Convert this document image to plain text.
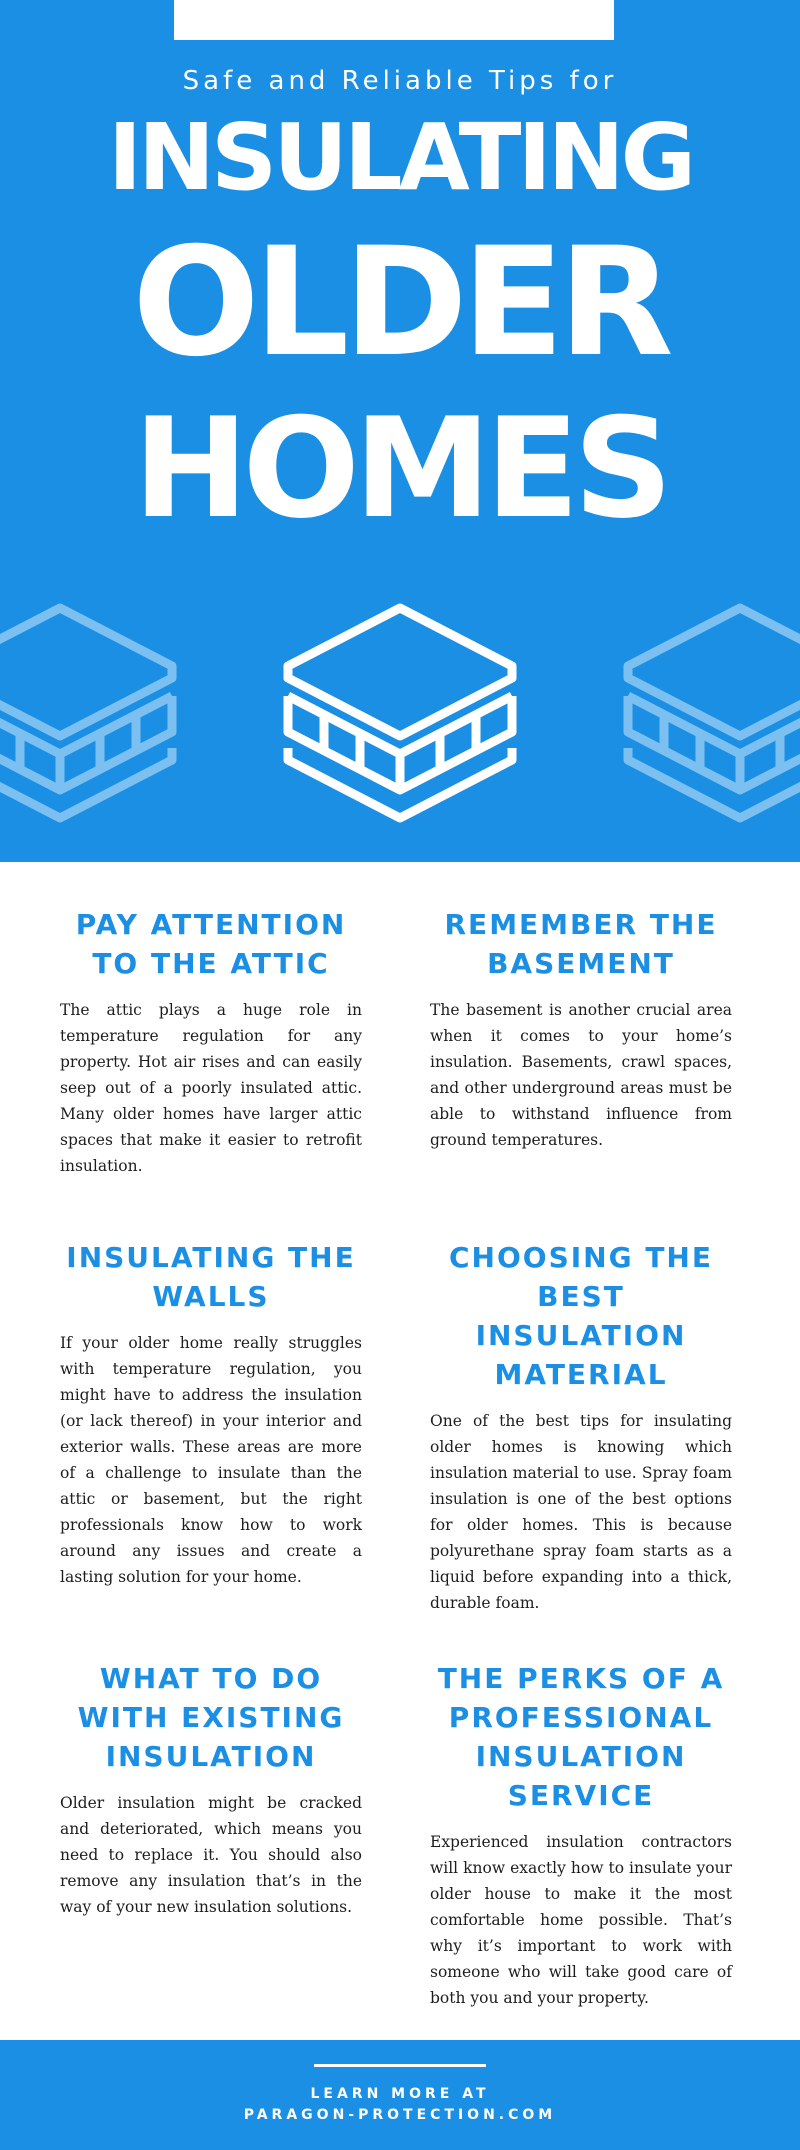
Safe and Reliable Tips for
INSULATING
OLDER
HOMES
PAY ATTENTION
TO THE ATTIC

The attic plays a huge role in temperature regulation for any property. Hot air rises and can easily seep out of a poorly insulated attic. Many older homes have larger attic spaces that make it easier to retrofit insulation.

REMEMBER THE
BASEMENT

The basement is another crucial area when it comes to your home’s insulation. Basements, crawl spaces, and other underground areas must be able to withstand influence from ground temperatures.

INSULATING THE
WALLS

If your older home really struggles with temperature regulation, you might have to address the insulation (or lack thereof) in your interior and exterior walls. These areas are more of a challenge to insulate than the attic or basement, but the right professionals know how to work around any issues and create a lasting solution for your home.

CHOOSING THE
BEST INSULATION
MATERIAL

One of the best tips for insulating older homes is knowing which insulation material to use. Spray foam insulation is one of the best options for older homes. This is because polyurethane spray foam starts as a liquid before expanding into a thick, durable foam.

WHAT TO DO
WITH EXISTING
INSULATION

Older insulation might be cracked and deteriorated, which means you need to replace it. You should also remove any insulation that’s in the way of your new insulation solutions.

THE PERKS OF A
PROFESSIONAL
INSULATION
SERVICE

Experienced insulation contractors will know exactly how to insulate your older house to make it the most comfortable home possible. That’s why it’s important to work with someone who will take good care of both you and your property.

LEARN MORE AT
PARAGON-PROTECTION.COM
